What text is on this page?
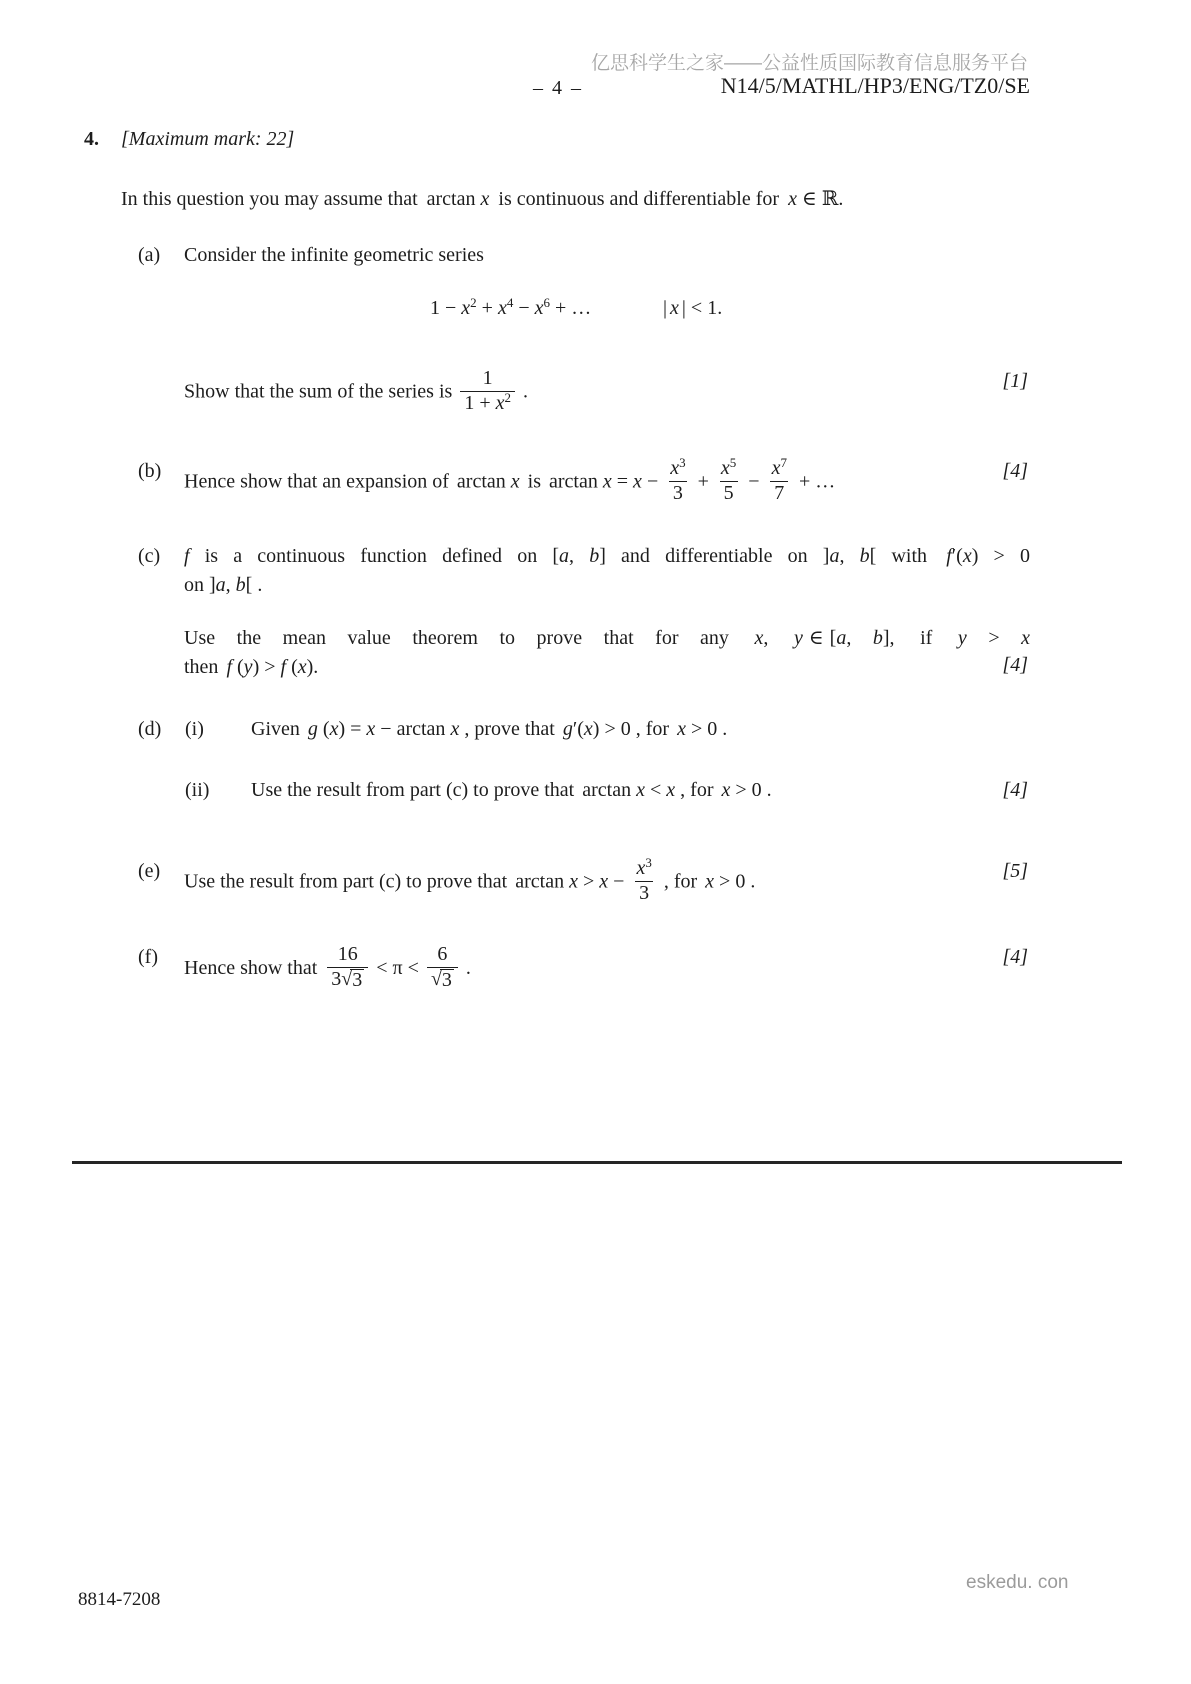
亿思科学生之家——公益性质国际教育信息服务平台
– 4 –	N14/5/MATHL/HP3/ENG/TZ0/SE
4. [Maximum mark: 22]
In this question you may assume that arctan x is continuous and differentiable for x ∈ ℝ.
(a) Consider the infinite geometric series
$1 - x^2 + x^4 - x^6$ + …	| x | < 1.
Show that the sum of the series is $\frac{1}{1 + x^2}$ .	[1]
(b) Hence show that an expansion of arctan x is $\arctan x = x - \frac{x^3}{3} + \frac{x^5}{5} - \frac{x^7}{7}$ + …	[4]
(c) f is a continuous function defined on [a, b] and differentiable on ]a, b[ with f′(x) > 0
on ]a, b[ .
Use the mean value theorem to prove that for any x, y ∈ [a, b], if y > x
then f (y) > f (x).	[4]
(d) (i) Given g (x) = x − arctan x , prove that g′(x) > 0 , for x > 0 .
(ii) Use the result from part (c) to prove that arctan x < x , for x > 0 .	[4]
(e) Use the result from part (c) to prove that $\arctan x > x - \frac{x^3}{3}$ , for x > 0 .	[5]
(f)
Hence show that $\frac{16}{3 √ 3} < \pi < \frac{6}{√ 3}$ .
[4]
8814-7208
eskedu. con
